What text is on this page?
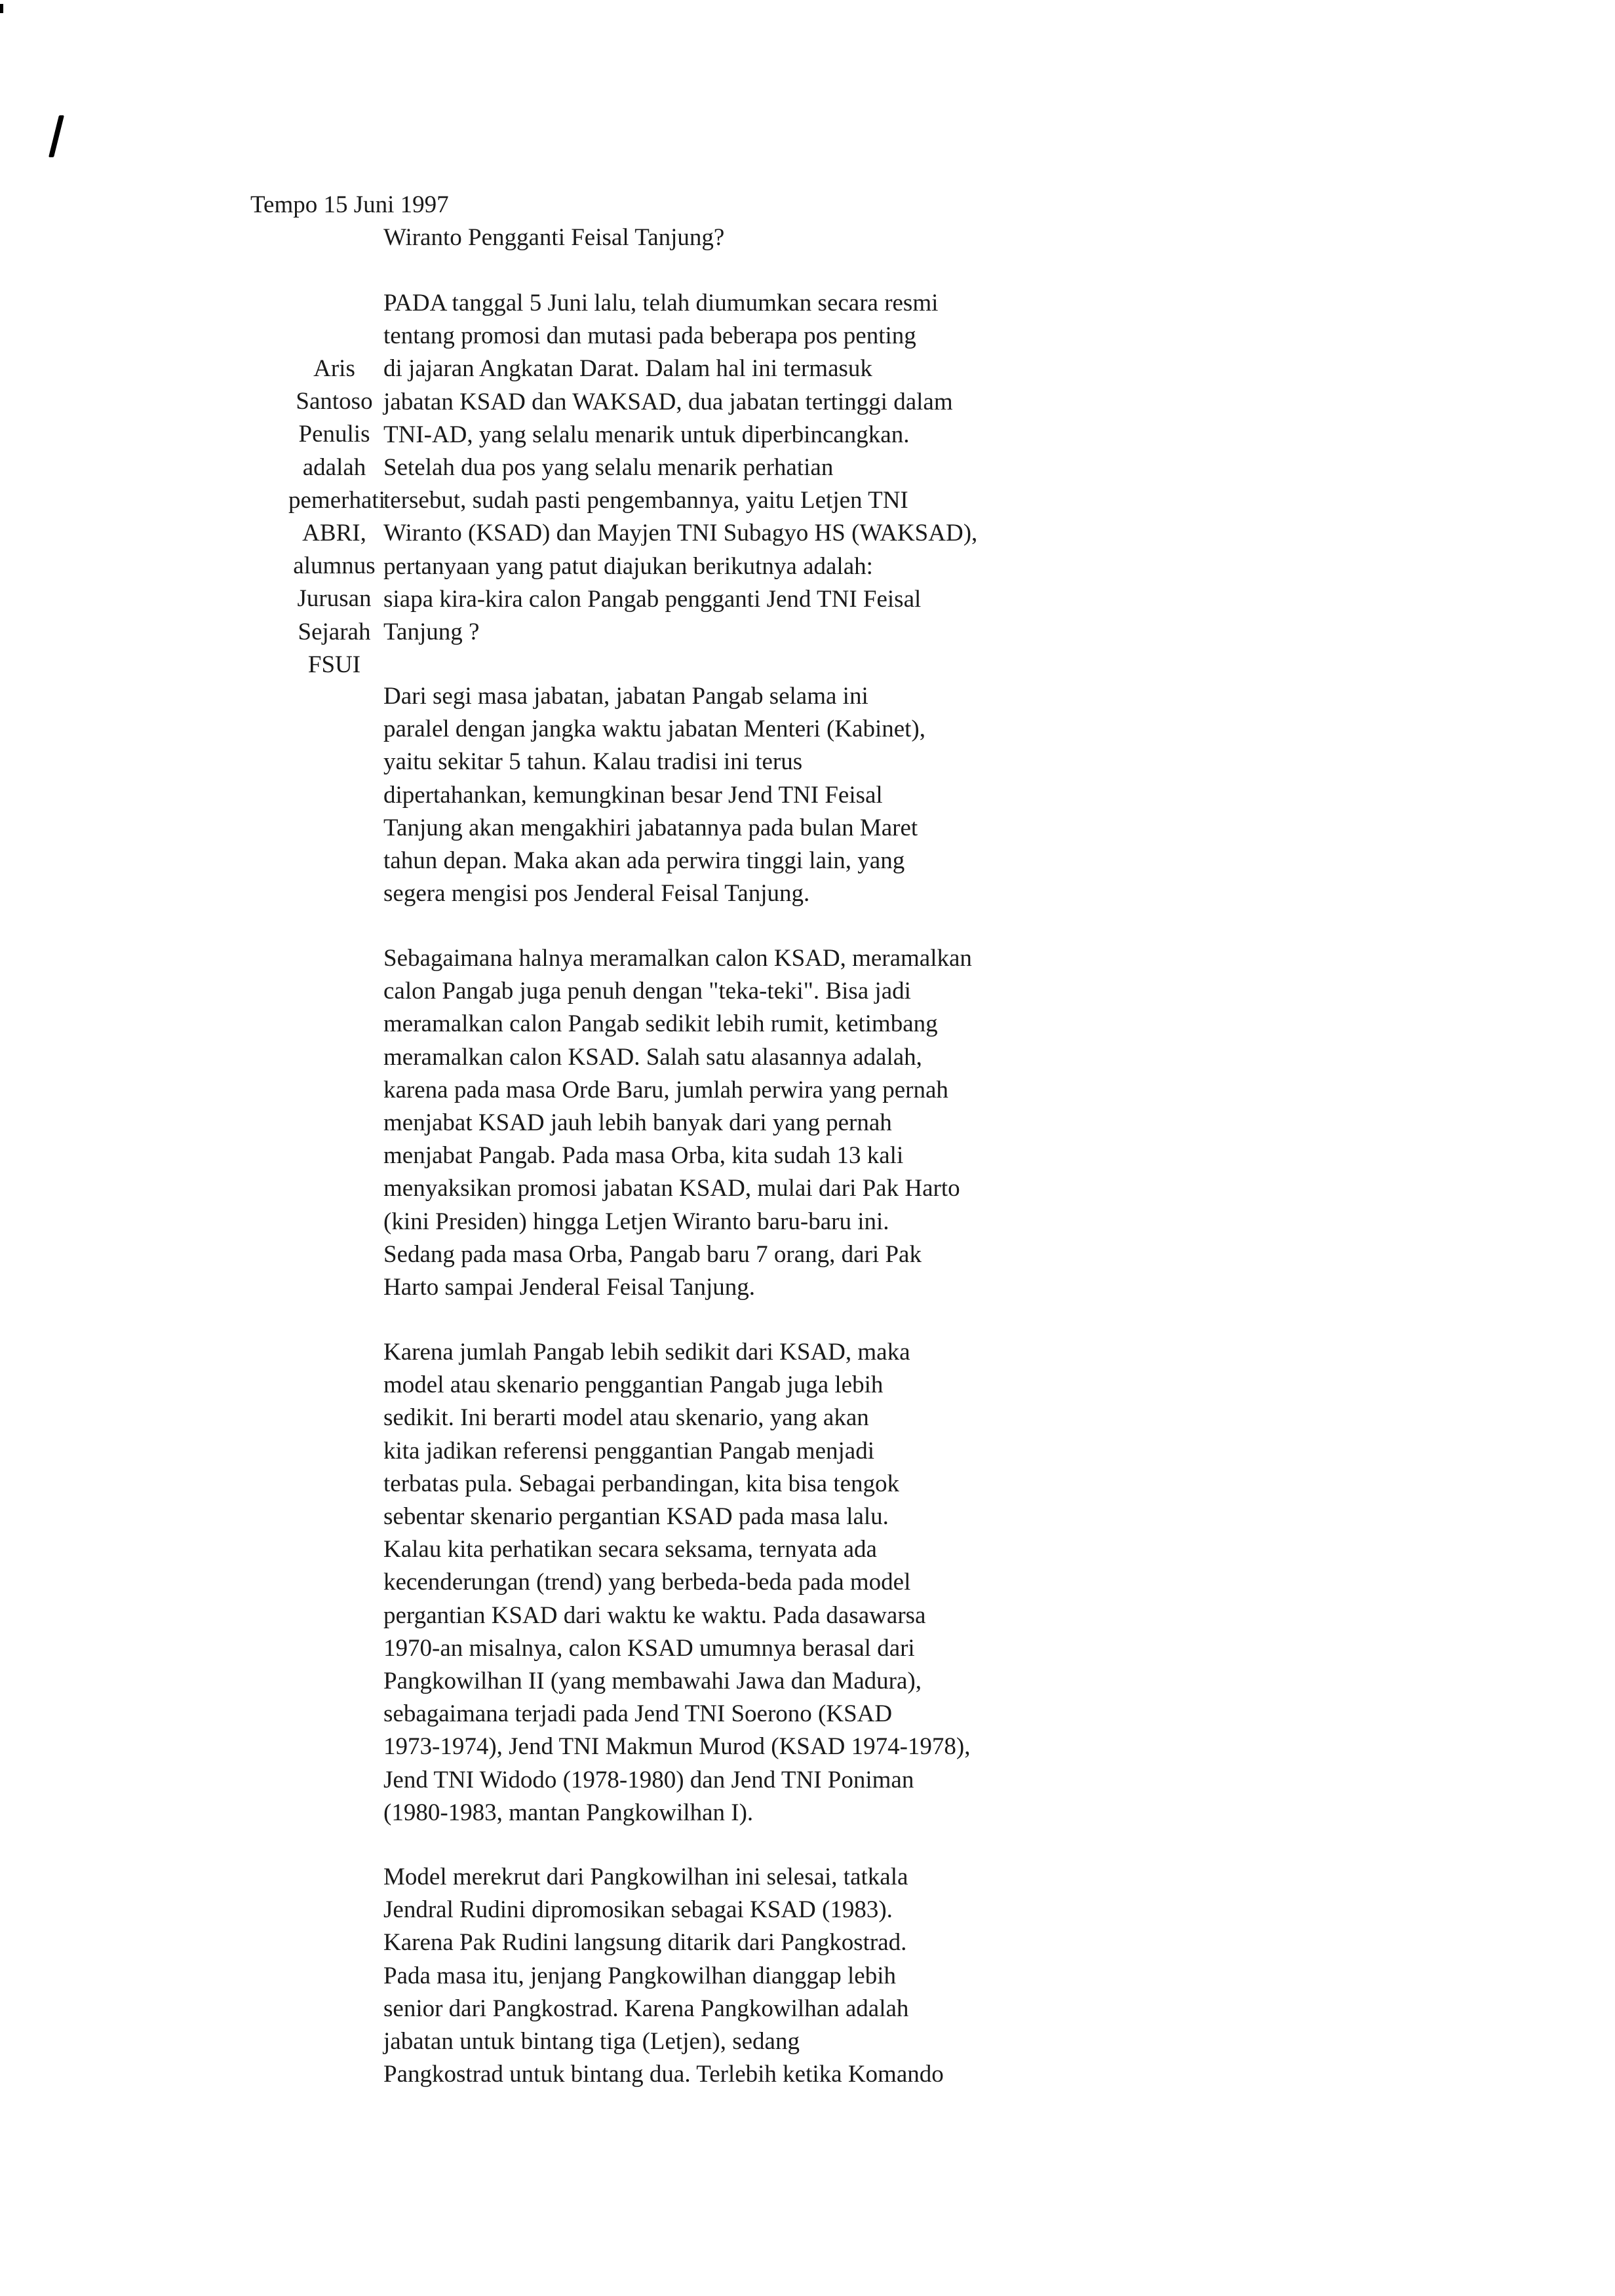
Tempo 15 Juni 1997
Wiranto Pengganti Feisal Tanjung?
Aris
Santoso
Penulis
adalah
pemerhati
ABRI,
alumnus
Jurusan
Sejarah
FSUI
PADA tanggal 5 Juni lalu, telah diumumkan secara resmi
tentang promosi dan mutasi pada beberapa pos penting
di jajaran Angkatan Darat. Dalam hal ini termasuk
jabatan KSAD dan WAKSAD, dua jabatan tertinggi dalam
TNI-AD, yang selalu menarik untuk diperbincangkan.
Setelah dua pos yang selalu menarik perhatian
tersebut, sudah pasti pengembannya, yaitu Letjen TNI
Wiranto (KSAD) dan Mayjen TNI Subagyo HS (WAKSAD),
pertanyaan yang patut diajukan berikutnya adalah:
siapa kira-kira calon Pangab pengganti Jend TNI Feisal
Tanjung ?
Dari segi masa jabatan, jabatan Pangab selama ini
paralel dengan jangka waktu jabatan Menteri (Kabinet),
yaitu sekitar 5 tahun. Kalau tradisi ini terus
dipertahankan, kemungkinan besar Jend TNI Feisal
Tanjung akan mengakhiri jabatannya pada bulan Maret
tahun depan. Maka akan ada perwira tinggi lain, yang
segera mengisi pos Jenderal Feisal Tanjung.
Sebagaimana halnya meramalkan calon KSAD, meramalkan
calon Pangab juga penuh dengan "teka-teki". Bisa jadi
meramalkan calon Pangab sedikit lebih rumit, ketimbang
meramalkan calon KSAD. Salah satu alasannya adalah,
karena pada masa Orde Baru, jumlah perwira yang pernah
menjabat KSAD jauh lebih banyak dari yang pernah
menjabat Pangab. Pada masa Orba, kita sudah 13 kali
menyaksikan promosi jabatan KSAD, mulai dari Pak Harto
(kini Presiden) hingga Letjen Wiranto baru-baru ini.
Sedang pada masa Orba, Pangab baru 7 orang, dari Pak
Harto sampai Jenderal Feisal Tanjung.
Karena jumlah Pangab lebih sedikit dari KSAD, maka
model atau skenario penggantian Pangab juga lebih
sedikit. Ini berarti model atau skenario, yang akan
kita jadikan referensi penggantian Pangab menjadi
terbatas pula. Sebagai perbandingan, kita bisa tengok
sebentar skenario pergantian KSAD pada masa lalu.
Kalau kita perhatikan secara seksama, ternyata ada
kecenderungan (trend) yang berbeda-beda pada model
pergantian KSAD dari waktu ke waktu. Pada dasawarsa
1970-an misalnya, calon KSAD umumnya berasal dari
Pangkowilhan II (yang membawahi Jawa dan Madura),
sebagaimana terjadi pada Jend TNI Soerono (KSAD
1973-1974), Jend TNI Makmun Murod (KSAD 1974-1978),
Jend TNI Widodo (1978-1980) dan Jend TNI Poniman
(1980-1983, mantan Pangkowilhan I).
Model merekrut dari Pangkowilhan ini selesai, tatkala
Jendral Rudini dipromosikan sebagai KSAD (1983).
Karena Pak Rudini langsung ditarik dari Pangkostrad.
Pada masa itu, jenjang Pangkowilhan dianggap lebih
senior dari Pangkostrad. Karena Pangkowilhan adalah
jabatan untuk bintang tiga (Letjen), sedang
Pangkostrad untuk bintang dua. Terlebih ketika Komando
